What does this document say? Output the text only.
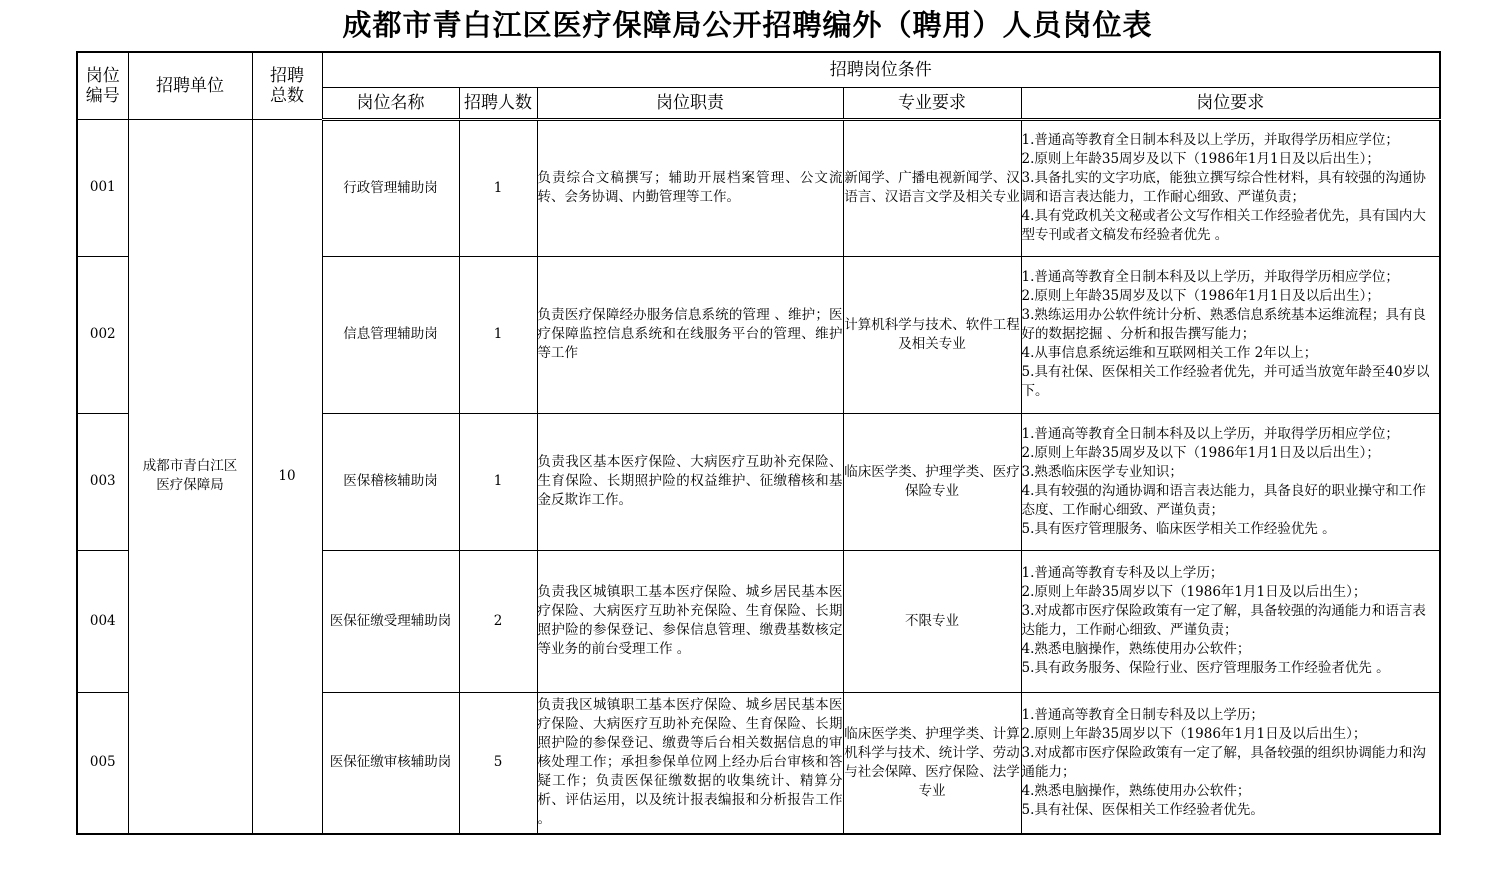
成都市青白江区医疗保障局公开招聘编外（聘用）人员岗位表
岗位
编号	招聘单位	招聘
总数	招聘岗位条件				
			岗位名称	招聘人数	岗位职责	专业要求	岗位要求
001	成都市青白江区
医疗保障局	10	行政管理辅助岗	1	负责综合文稿撰写；辅助开展档案管理、公文流转、会务协调、内勤管理等工作。	新闻学、广播电视新闻学、汉语言、汉语言文学及相关专业	1.普通高等教育全日制本科及以上学历，并取得学历相应学位；
2.原则上年龄35周岁及以下（1986年1月1日及以后出生）；
3.具备扎实的文字功底，能独立撰写综合性材料，具有较强的沟通协调和语言表达能力，工作耐心细致、严谨负责；
4.具有党政机关文秘或者公文写作相关工作经验者优先，具有国内大型专刊或者文稿发布经验者优先 。

002			信息管理辅助岗	1	负责医疗保障经办服务信息系统的管理 、维护；医疗保障监控信息系统和在线服务平台的管理、维护等工作	计算机科学与技术、软件工程及相关专业	1.普通高等教育全日制本科及以上学历，并取得学历相应学位；
2.原则上年龄35周岁及以下（1986年1月1日及以后出生）；
3.熟练运用办公软件统计分析、熟悉信息系统基本运维流程；具有良好的数据挖掘 、分析和报告撰写能力；
4.从事信息系统运维和互联网相关工作 2年以上；
5.具有社保、医保相关工作经验者优先，并可适当放宽年龄至40岁以下。

003			医保稽核辅助岗	1	负责我区基本医疗保险、大病医疗互助补充保险、生育保险、长期照护险的权益维护、征缴稽核和基金反欺诈工作。	临床医学类、护理学类、医疗保险专业	1.普通高等教育全日制本科及以上学历，并取得学历相应学位；
2.原则上年龄35周岁及以下（1986年1月1日及以后出生）；
3.熟悉临床医学专业知识；
4.具有较强的沟通协调和语言表达能力，具备良好的职业操守和工作态度、工作耐心细致、严谨负责；
5.具有医疗管理服务、临床医学相关工作经验优先 。

004			医保征缴受理辅助岗	2	负责我区城镇职工基本医疗保险、城乡居民基本医疗保险、大病医疗互助补充保险、生育保险、长期照护险的参保登记、参保信息管理、缴费基数核定等业务的前台受理工作 。	不限专业	1.普通高等教育专科及以上学历；
2.原则上年龄35周岁以下（1986年1月1日及以后出生）；
3.对成都市医疗保险政策有一定了解，具备较强的沟通能力和语言表达能力，工作耐心细致、严谨负责；
4.熟悉电脑操作，熟练使用办公软件；
5.具有政务服务、保险行业、医疗管理服务工作经验者优先 。

005			医保征缴审核辅助岗	5	负责我区城镇职工基本医疗保险、城乡居民基本医疗保险、大病医疗互助补充保险、生育保险、长期照护险的参保登记、缴费等后台相关数据信息的审核处理工作；承担参保单位网上经办后台审核和答疑工作；负责医保征缴数据的收集统计、精算分析、评估运用，以及统计报表编报和分析报告工作 。	临床医学类、护理学类、计算机科学与技术、统计学、劳动与社会保障、医疗保险、法学专业	1.普通高等教育全日制专科及以上学历；
2.原则上年龄35周岁以下（1986年1月1日及以后出生）；
3.对成都市医疗保险政策有一定了解，具备较强的组织协调能力和沟通能力；
4.熟悉电脑操作，熟练使用办公软件；
5.具有社保、医保相关工作经验者优先。
